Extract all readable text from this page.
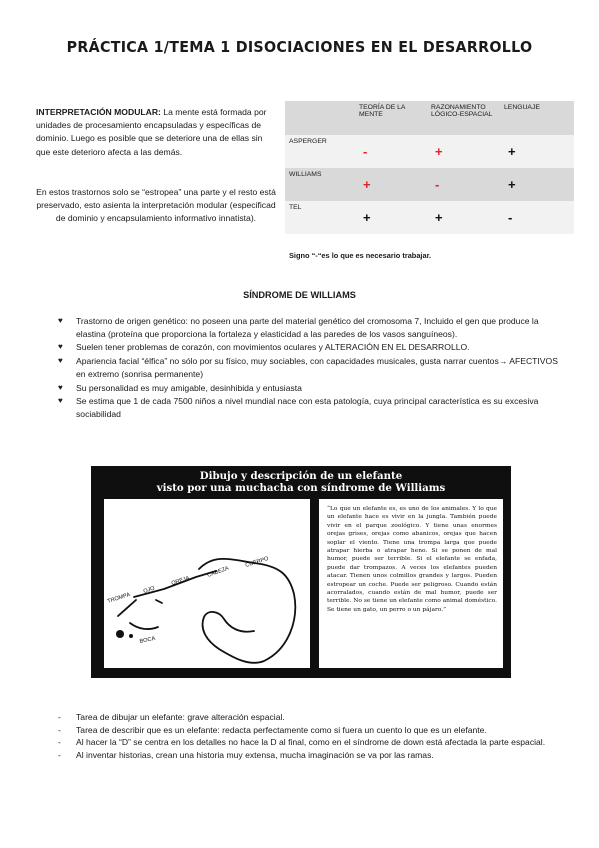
PRÁCTICA 1/TEMA 1 DISOCIACIONES EN EL DESARROLLO
INTERPRETACIÓN MODULAR: La mente está formada por unidades de procesamiento encapsuladas y específicas de dominio. Luego es posible que se deteriore una de ellas sin que este deterioro afecta a las demás.
En estos trastornos solo se “estropea” una parte y el resto está preservado, esto asienta la interpretación modular (especificad de dominio y encapsulamiento informativo innatista).
	TEORÍA DE LA MENTE	RAZONAMIENTO LÓGICO-ESPACIAL	LENGUAJE
ASPERGER	-	+	+
WILLIAMS	+	-	+
TEL	+	+	-
Signo “-“es lo que es necesario trabajar.
SÍNDROME DE WILLIAMS
♥ Trastorno de origen genético: no poseen una parte del material genético del cromosoma 7, Incluido el gen que produce la elastina (proteína que proporciona la fortaleza y elasticidad a las paredes de los vasos sanguíneos).
♥ Suelen tener problemas de corazón, con movimientos oculares y ALTERACIÓN EN EL DESARROLLO.
♥ Apariencia facial “élfica” no sólo por su físico, muy sociables, con capacidades musicales, gusta narrar cuentos→ AFECTIVOS en extremo (sonrisa permanente)
♥ Su personalidad es muy amigable, desinhibida y entusiasta
♥ Se estima que 1 de cada 7500 niños a nivel mundial nace con esta patología, cuya principal característica es su excesiva sociabilidad
Dibujo y descripción de un elefante
visto por una muchacha con síndrome de Williams
TROMPA
OJO
OREJA
CABEZA
CUERPO
BOCA
“Lo que un elefante es, es uno de los animales. Y lo que un elefante hace es vivir en la jungla. También puede vivir en el parque zoológico. Y tiene unas enormes orejas grises, orejas como abanicos, orejas que hacen soplar el viento. Tiene una trompa larga que puede atrapar hierba o atrapar heno. Si se ponen de mal humor, puede ser terrible. Si el elefante se enfada, puede dar trompazos. A veces los elefantes pueden atacar. Tienen unos colmillos grandes y largos. Pueden estropear un coche. Puede ser peligroso. Cuando están acorralados, cuando están de mal humor, puede ser terrible. No se tiene un elefante como animal doméstico. Se tiene un gato, un perro o un pájaro.”
- Tarea de dibujar un elefante: grave alteración espacial.
- Tarea de describir que es un elefante: redacta perfectamente como si fuera un cuento lo que es un elefante.
- Al hacer la “D” se centra en los detalles no hace la D al final, como en el síndrome de down está afectada la parte espacial.
- Al inventar historias, crean una historia muy extensa, mucha imaginación se va por las ramas.
